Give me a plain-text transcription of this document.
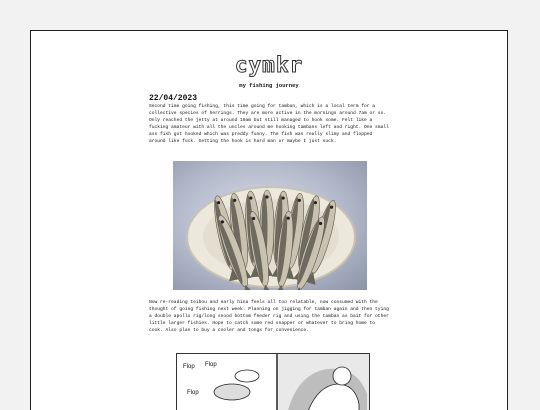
cymkr
my fishing journey
22/04/2023

Second time going fishing, this time going for tamban, which is a local term for a collective species of herrings. They are more active in the mornings around 7am or so. Only reached the jetty at around 10am but still managed to hook some. Felt like a fucking amateur with all the uncles around me hooking tambans left and right. One small ass fish got hooked which was preddy funny. The fish was really slimy and flopped around like fuck. Getting the hook is hard man or maybe I just suck.

Now re-reading teibou and early hina feels all too relatable, now consumed with the thought of going fishing next week. Planning on jigging for tamban again and then tying a double apollo rig/long snood bottom feeder rig and using the tamban as bait for other little larger fishies. Hope to catch some red snapper or whatever to bring home to cook. Also plan to buy a cooler and tongs for convenience.

Flop Flop
Flop
